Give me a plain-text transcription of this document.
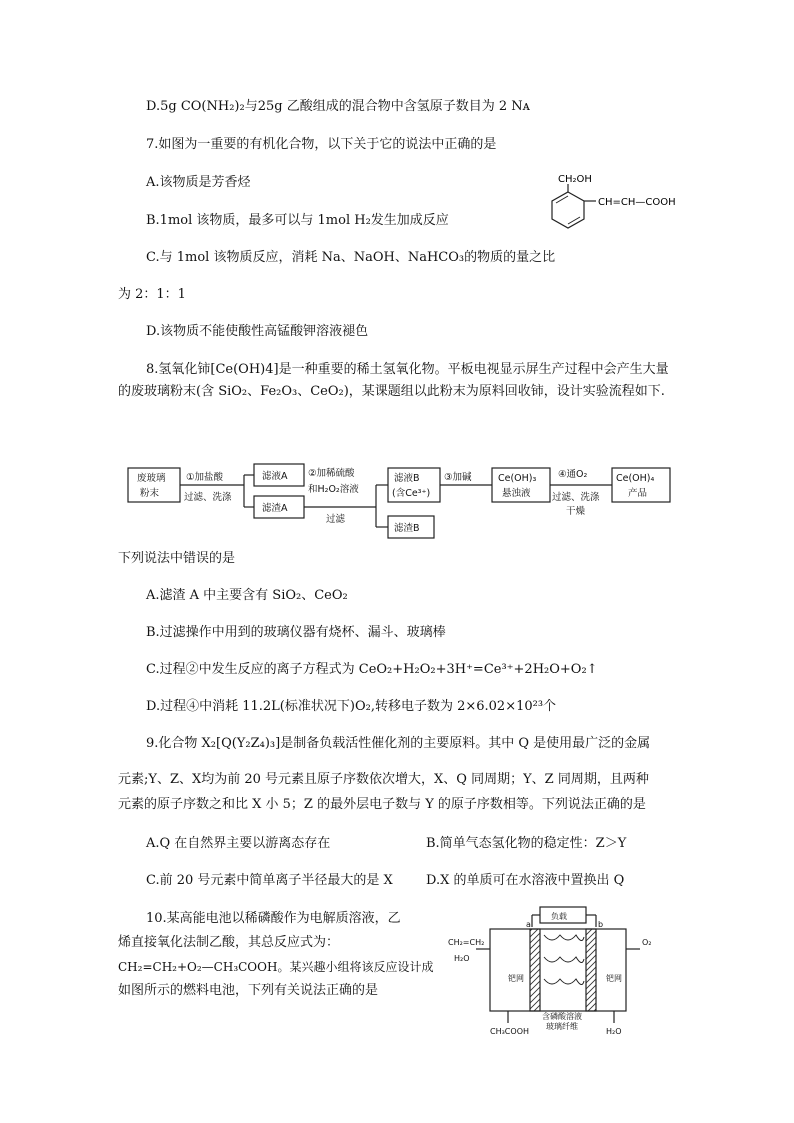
D.5g CO(NH₂)₂与25g 乙酸组成的混合物中含氢原子数目为 2 Nᴀ
7.如图为一重要的有机化合物，以下关于它的说法中正确的是
A.该物质是芳香烃
B.1mol 该物质，最多可以与 1mol H₂发生加成反应
C.与 1mol 该物质反应，消耗 Na、NaOH、NaHCO₃的物质的量之比
为 2：1：1
D.该物质不能使酸性高锰酸钾溶液褪色
CH₂OH
CH=CH—COOH
8.氢氧化铈[Ce(OH)4]是一种重要的稀土氢氧化物。平板电视显示屏生产过程中会产生大量的废玻璃粉末(含 SiO₂、Fe₂O₃、CeO₂)，某课题组以此粉末为原料回收铈，设计实验流程如下.
废玻璃
粉末
①加盐酸
过滤、洗涤
滤液A
滤渣A
②加稀硫酸
和H₂O₂溶液
过滤
滤液B
(含Ce³⁺)
③加碱	Ce(OH)₃
悬浊液
④通O₂
过滤、洗涤
干燥
Ce(OH)₄
产品
滤渣B
下列说法中错误的是
A.滤渣 A 中主要含有 SiO₂、CeO₂
B.过滤操作中用到的玻璃仪器有烧杯、漏斗、玻璃棒
C.过程②中发生反应的离子方程式为 CeO₂+H₂O₂+3H⁺=Ce³⁺+2H₂O+O₂↑
D.过程④中消耗 11.2L(标准状况下)O₂,转移电子数为 2×6.02×10²³个
9.化合物 X₂[Q(Y₂Z₄)₃]是制备负载活性催化剂的主要原料。其中 Q 是使用最广泛的金属
元素;Y、Z、X均为前 20 号元素且原子序数依次增大，X、Q 同周期；Y、Z 同周期，且两种
元素的原子序数之和比 X 小 5；Z 的最外层电子数与 Y 的原子序数相等。下列说法正确的是
A.Q 在自然界主要以游离态存在	B.简单气态氢化物的稳定性：Z＞Y
C.前 20 号元素中简单离子半径最大的是 X	D.X 的单质可在水溶液中置换出 Q
10.某高能电池以稀磷酸作为电解质溶液，乙
烯直接氧化法制乙酸，其总反应式为：
CH₂=CH₂+O₂—CH₃COOH。某兴趣小组将该反应设计成
如图所示的燃料电池，下列有关说法正确的是
负载
a	b
CH₂=CH₂
H₂O
O₂
钯网	钯网
含磷酸溶液
玻璃纤维
CH₃COOH	H₂O
